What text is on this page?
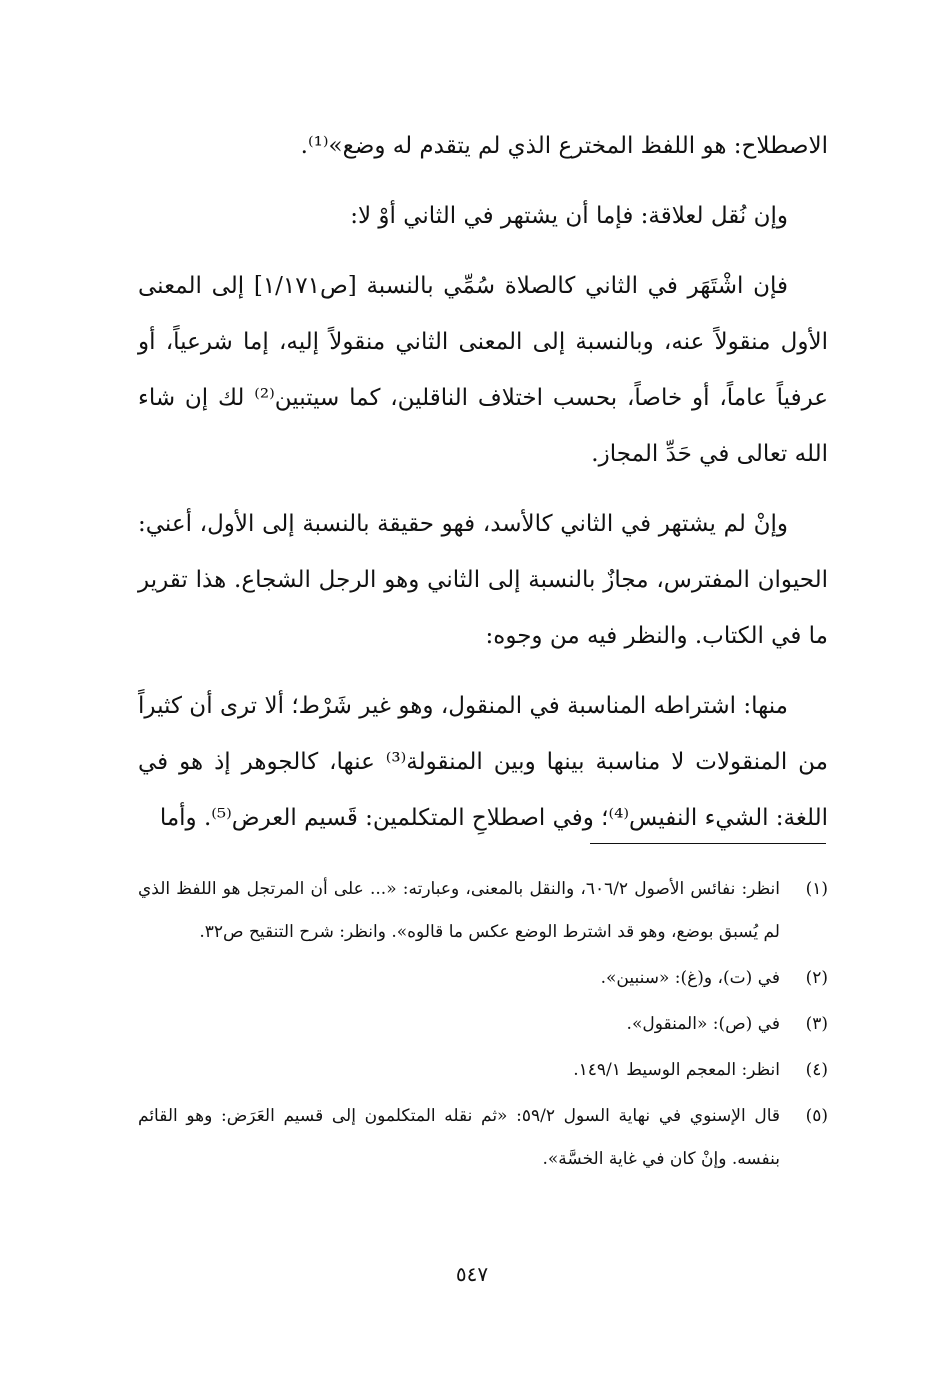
الاصطلاح: هو اللفظ المخترع الذي لم يتقدم له وضع»⁽¹⁾.

وإن نُقل لعلاقة: فإما أن يشتهر في الثاني أوْ لا:

فإن اشْتَهَر في الثاني كالصلاة سُمِّي بالنسبة [ص١/١٧١] إلى المعنى الأول منقولاً عنه، وبالنسبة إلى المعنى الثاني منقولاً إليه، إما شرعياً، أو عرفياً عاماً، أو خاصاً، بحسب اختلاف الناقلين، كما سيتبين⁽²⁾ لك إن شاء الله تعالى في حَدِّ المجاز.

وإنْ لم يشتهر في الثاني كالأسد، فهو حقيقة بالنسبة إلى الأول، أعني: الحيوان المفترس، مجازٌ بالنسبة إلى الثاني وهو الرجل الشجاع. هذا تقرير ما في الكتاب. والنظر فيه من وجوه:

منها: اشتراطه المناسبة في المنقول، وهو غير شَرْط؛ ألا ترى أن كثيراً من المنقولات لا مناسبة بينها وبين المنقولة⁽³⁾ عنها، كالجوهر إذ هو في اللغة: الشيء النفيس⁽⁴⁾؛ وفي اصطلاحِ المتكلمين: قَسيم العرض⁽⁵⁾. وأما

(١)
انظر: نفائس الأصول ٦٠٦/٢، والنقل بالمعنى، وعبارته: «... على أن المرتجل هو اللفظ الذي لم يُسبق بوضع، وهو قد اشترط الوضع عكس ما قالوه». وانظر: شرح التنقيح ص٣٢.
(٢)
في (ت)، و(غ): «سنبين».
(٣)
في (ص): «المنقول».
(٤)
انظر: المعجم الوسيط ١٤٩/١.
(٥)
قال الإسنوي في نهاية السول ٥٩/٢: «ثم نقله المتكلمون إلى قسيم العَرَض: وهو القائم بنفسه. وإنْ كان في غاية الخسَّة».
٥٤٧
